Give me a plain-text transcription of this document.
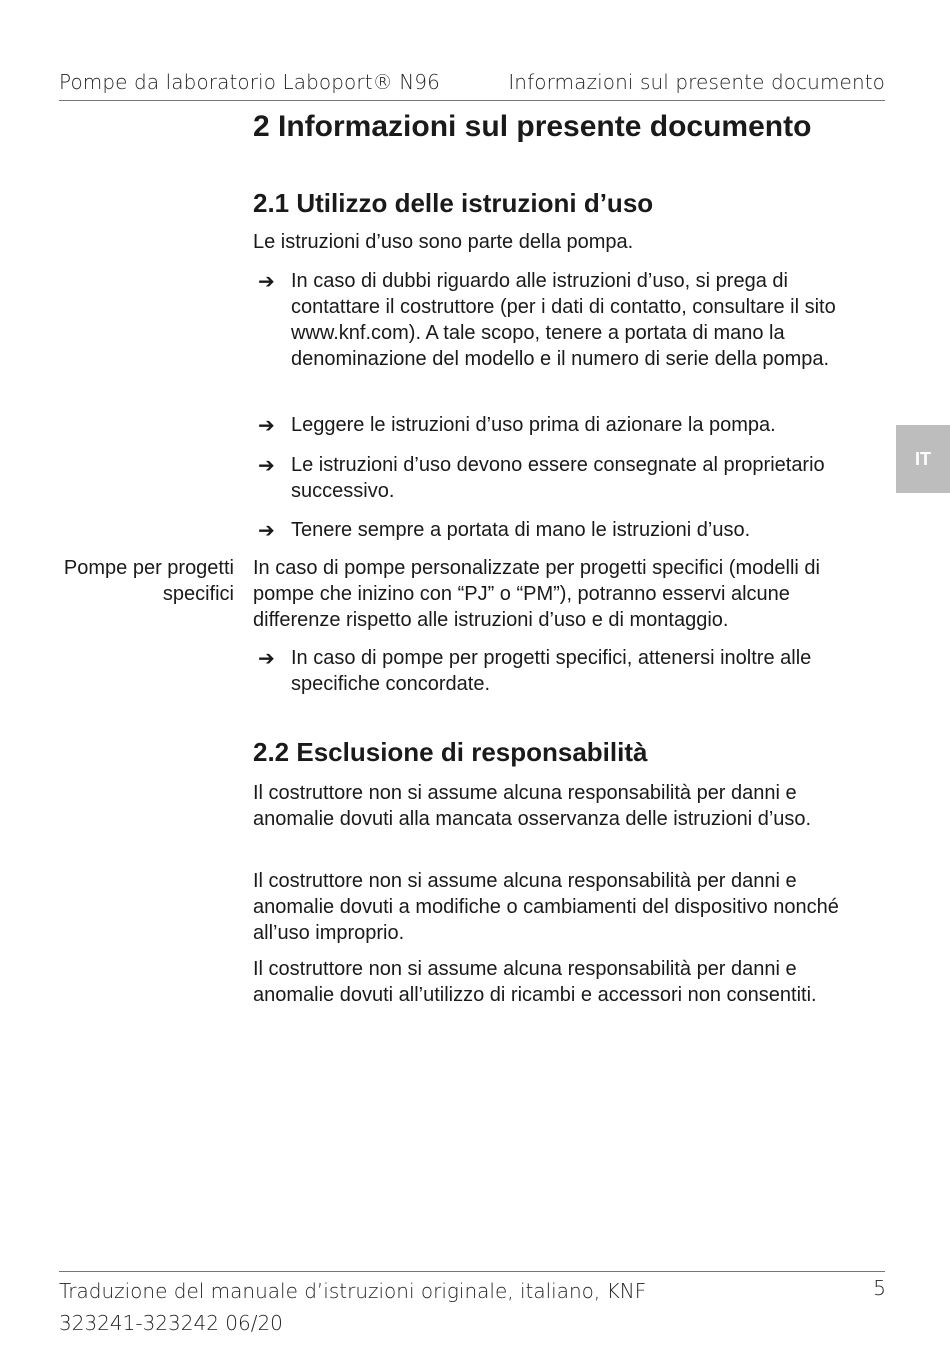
Pompe da laboratorio Laboport® N96	Informazioni sul presente documento
IT
2 Informazioni sul presente documento
2.1 Utilizzo delle istruzioni d’uso
Le istruzioni d’uso sono parte della pompa.
➔ In caso di dubbi riguardo alle istruzioni d’uso, si prega di contattare il costruttore (per i dati di contatto, consultare il sito www.knf.com). A tale scopo, tenere a portata di mano la denominazione del modello e il numero di serie della pompa.
➔ Leggere le istruzioni d’uso prima di azionare la pompa.
➔ Le istruzioni d’uso devono essere consegnate al proprietario successivo.
➔ Tenere sempre a portata di mano le istruzioni d’uso.
Pompe per progetti specifici
In caso di pompe personalizzate per progetti specifici (modelli di pompe che inizino con “PJ” o “PM”), potranno esservi alcune differenze rispetto alle istruzioni d’uso e di montaggio.
➔ In caso di pompe per progetti specifici, attenersi inoltre alle specifiche concordate.
2.2 Esclusione di responsabilità
Il costruttore non si assume alcuna responsabilità per danni e anomalie dovuti alla mancata osservanza delle istruzioni d’uso.
Il costruttore non si assume alcuna responsabilità per danni e anomalie dovuti a modifiche o cambiamenti del dispositivo nonché all’uso improprio.
Il costruttore non si assume alcuna responsabilità per danni e anomalie dovuti all’utilizzo di ricambi e accessori non consentiti.
Traduzione del manuale d’istruzioni originale, italiano, KNF
323241-323242 06/20
5
